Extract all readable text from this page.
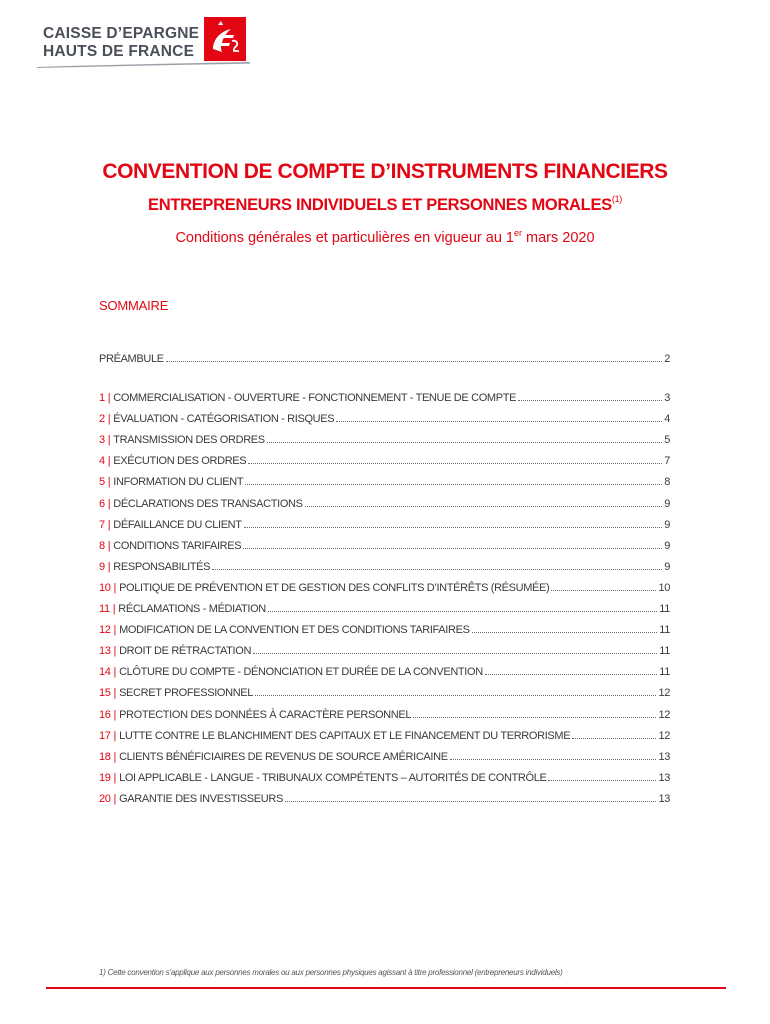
CAISSE D’EPARGNE
HAUTS DE FRANCE
CONVENTION DE COMPTE D’INSTRUMENTS FINANCIERS
ENTREPRENEURS INDIVIDUELS ET PERSONNES MORALES$^{(1)}$
Conditions générales et particulières en vigueur au 1er mars 2020
SOMMAIRE
PRÉAMBULE	2
1 | COMMERCIALISATION - OUVERTURE - FONCTIONNEMENT - TENUE DE COMPTE	3
2 | ÉVALUATION - CATÉGORISATION - RISQUES	4
3 | TRANSMISSION DES ORDRES	5
4 | EXÉCUTION DES ORDRES	7
5 | INFORMATION DU CLIENT	8
6 | DÉCLARATIONS DES TRANSACTIONS	9
7 | DÉFAILLANCE DU CLIENT	9
8 | CONDITIONS TARIFAIRES	9
9 | RESPONSABILITÉS	9
10 | POLITIQUE DE PRÉVENTION ET DE GESTION DES CONFLITS D’INTÉRÊTS (RÉSUMÉE)	10
11 | RÉCLAMATIONS - MÉDIATION	11
12 | MODIFICATION DE LA CONVENTION ET DES CONDITIONS TARIFAIRES	11
13 | DROIT DE RÉTRACTATION	11
14 | CLÔTURE DU COMPTE - DÉNONCIATION ET DURÉE DE LA CONVENTION	11
15 | SECRET PROFESSIONNEL	12
16 | PROTECTION DES DONNÉES À CARACTÈRE PERSONNEL	12
17 | LUTTE CONTRE LE BLANCHIMENT DES CAPITAUX ET LE FINANCEMENT DU TERRORISME	12
18 | CLIENTS BÉNÉFICIAIRES DE REVENUS DE SOURCE AMÉRICAINE	13
19 | LOI APPLICABLE - LANGUE - TRIBUNAUX COMPÉTENTS – AUTORITÉS DE CONTRÔLE	13
20 | GARANTIE DES INVESTISSEURS	13
1) Cette convention s’applique aux personnes morales ou aux personnes physiques agissant à titre professionnel (entrepreneurs individuels)
